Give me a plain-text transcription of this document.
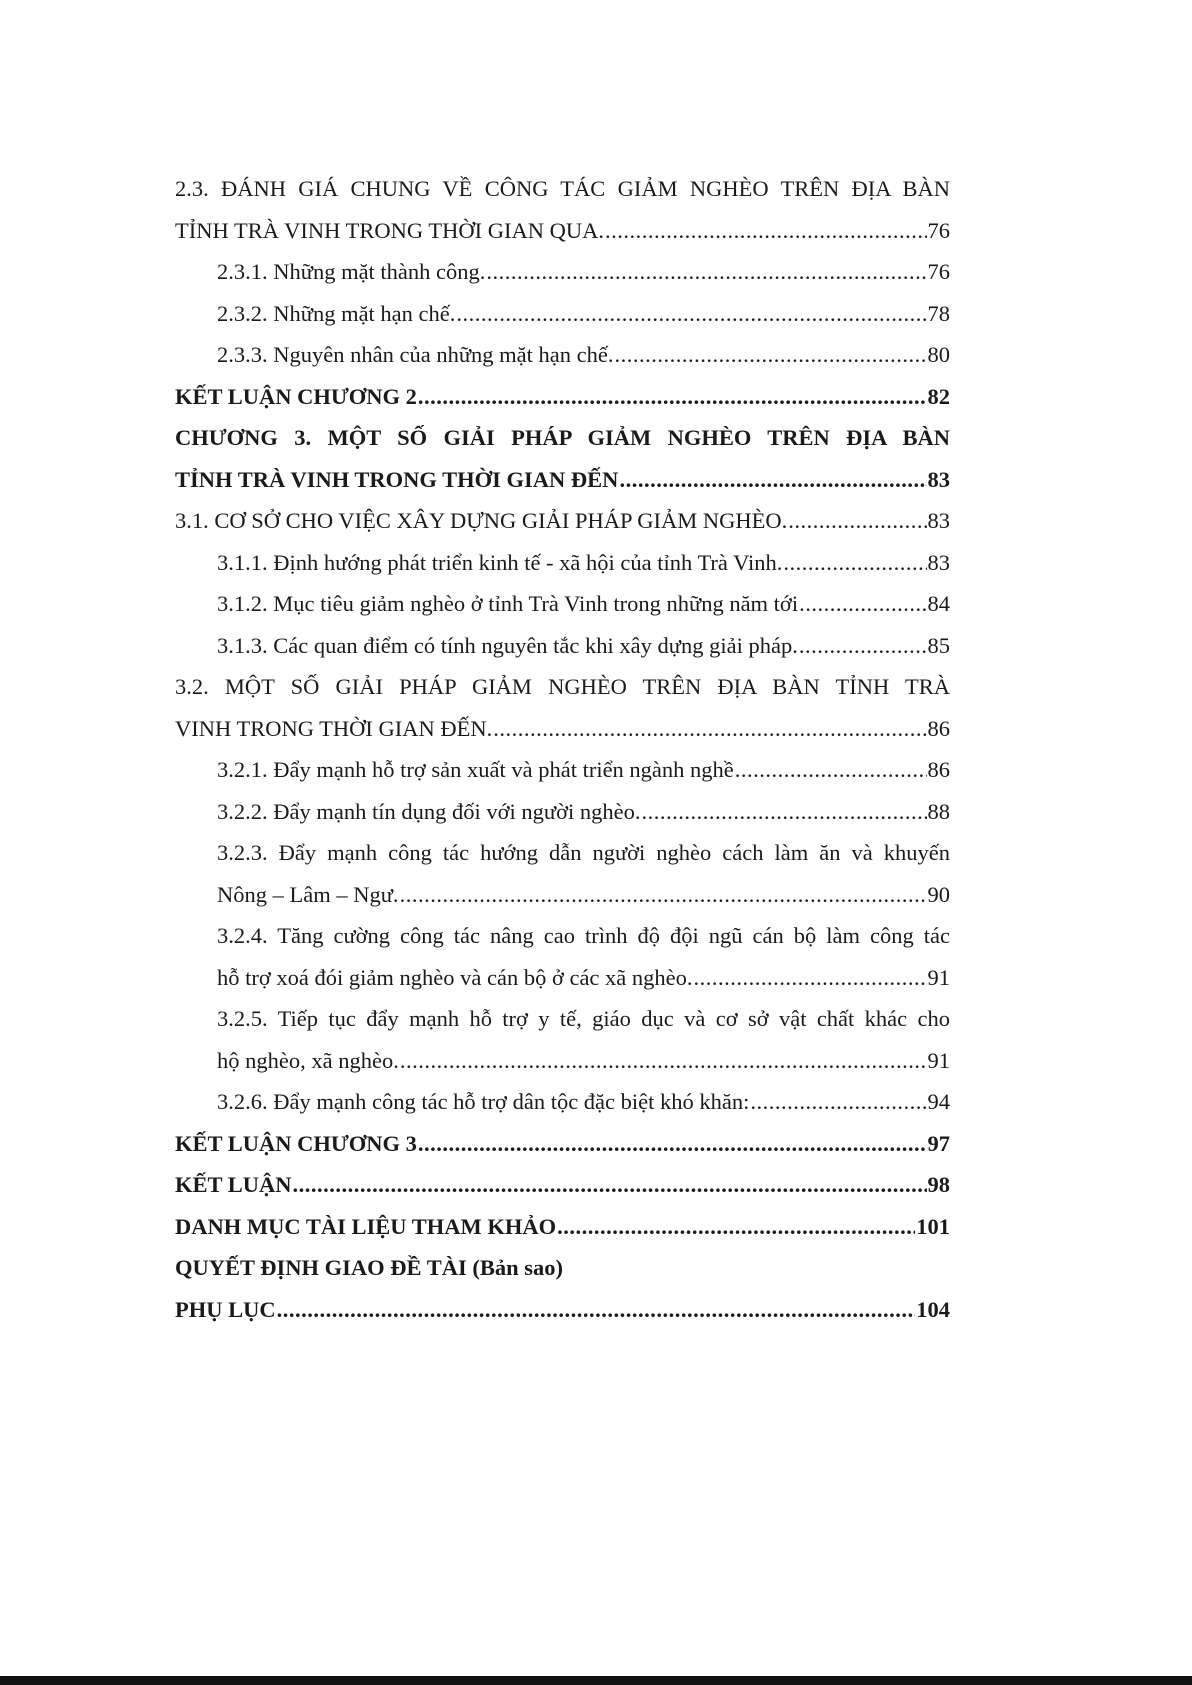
2.3. ĐÁNH GIÁ CHUNG VỀ CÔNG TÁC GIẢM NGHÈO TRÊN ĐỊA BÀN
TỈNH TRÀ VINH TRONG THỜI GIAN QUA. .....	76
2.3.1. Những mặt thành công. .....	76
2.3.2. Những mặt hạn chế. .....	78
2.3.3. Nguyên nhân của những mặt hạn chế. .....	80
KẾT LUẬN CHƯƠNG 2 .....	82
CHƯƠNG 3. MỘT SỐ GIẢI PHÁP GIẢM NGHÈO TRÊN ĐỊA BÀN
TỈNH TRÀ VINH TRONG THỜI GIAN ĐẾN .....	83
3.1. CƠ SỞ CHO VIỆC XÂY DỰNG GIẢI PHÁP GIẢM NGHÈO. .....	83
3.1.1. Định hướng phát triển kinh tế - xã hội của tỉnh Trà Vinh. .....	83
3.1.2. Mục tiêu giảm nghèo ở tỉnh Trà Vinh trong những năm tới .....	84
3.1.3. Các quan điểm có tính nguyên tắc khi xây dựng giải pháp. .....	85
3.2. MỘT SỐ GIẢI PHÁP GIẢM NGHÈO TRÊN ĐỊA BÀN TỈNH TRÀ
VINH TRONG THỜI GIAN ĐẾN. .....	86
3.2.1. Đẩy mạnh hỗ trợ sản xuất và phát triển ngành nghề .....	86
3.2.2. Đẩy mạnh tín dụng đối với người nghèo. .....	88
3.2.3. Đẩy mạnh công tác hướng dẫn người nghèo cách làm ăn và khuyến
Nông – Lâm – Ngư. .....	90
3.2.4. Tăng cường công tác nâng cao trình độ đội ngũ cán bộ làm công tác
hỗ trợ xoá đói giảm nghèo và cán bộ ở các xã nghèo. .....	91
3.2.5. Tiếp tục đẩy mạnh hỗ trợ y tế, giáo dục và cơ sở vật chất khác cho
hộ nghèo, xã nghèo. .....	91
3.2.6. Đẩy mạnh công tác hỗ trợ dân tộc đặc biệt khó khăn: .....	94
KẾT LUẬN CHƯƠNG 3 .....	97
KẾT LUẬN .....	98
DANH MỤC TÀI LIỆU THAM KHẢO .....	101
QUYẾT ĐỊNH GIAO ĐỀ TÀI (Bản sao)
PHỤ LỤC .....	104
